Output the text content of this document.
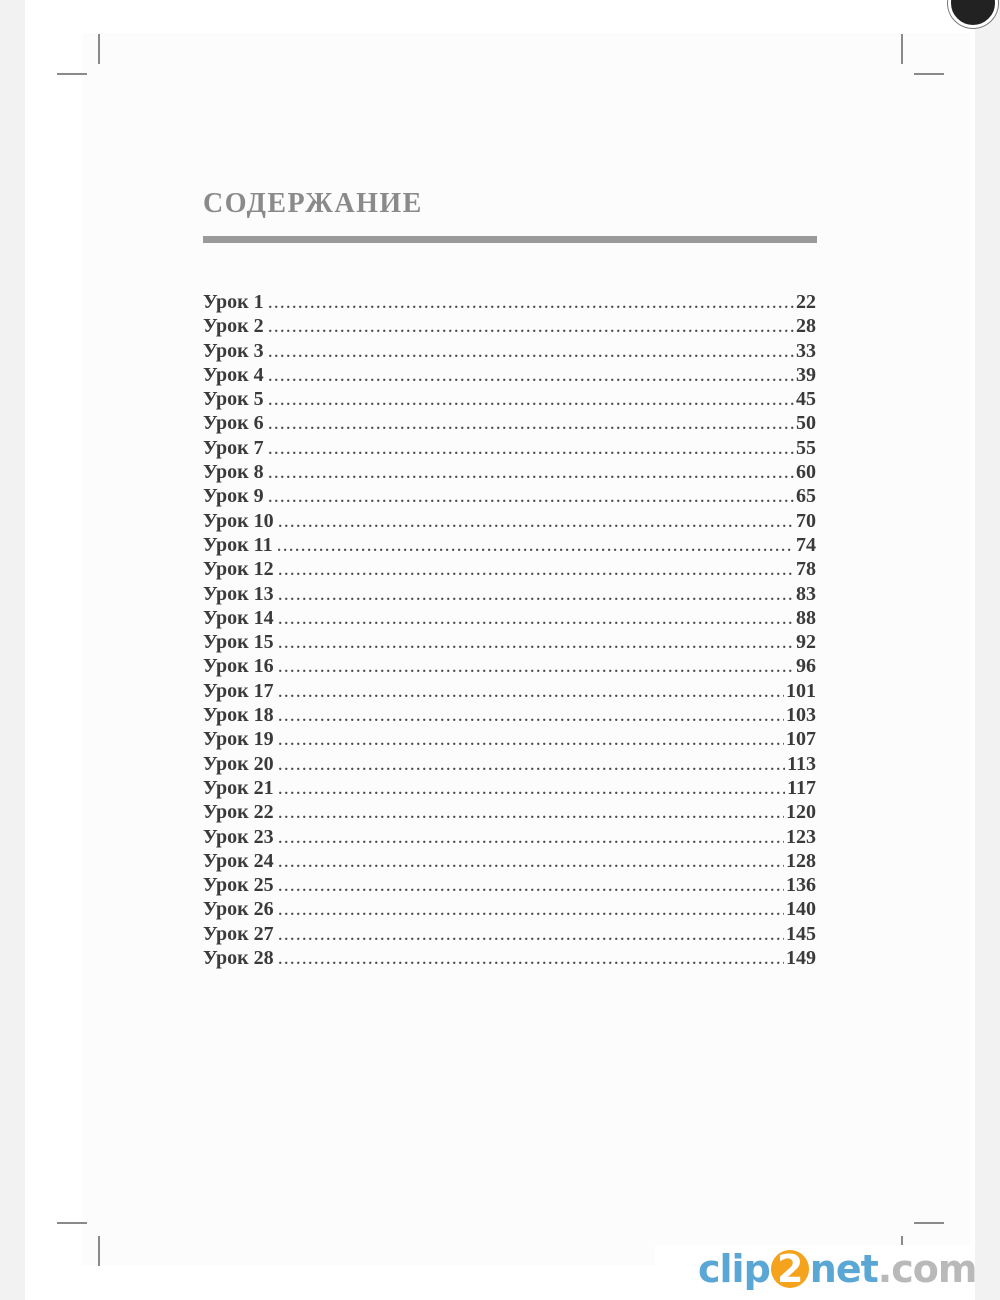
СОДЕРЖАНИЕ
Урок 1 .....	22
Урок 2 .....	28
Урок 3 .....	33
Урок 4 .....	39
Урок 5 .....	45
Урок 6 .....	50
Урок 7 .....	55
Урок 8 .....	60
Урок 9 .....	65
Урок 10 .....	70
Урок 11 .....	74
Урок 12 .....	78
Урок 13 .....	83
Урок 14 .....	88
Урок 15 .....	92
Урок 16 .....	96
Урок 17 .....	101
Урок 18 .....	103
Урок 19 .....	107
Урок 20 .....	113
Урок 21 .....	117
Урок 22 .....	120
Урок 23 .....	123
Урок 24 .....	128
Урок 25 .....	136
Урок 26 .....	140
Урок 27 .....	145
Урок 28 .....	149
clip 2 net.com
